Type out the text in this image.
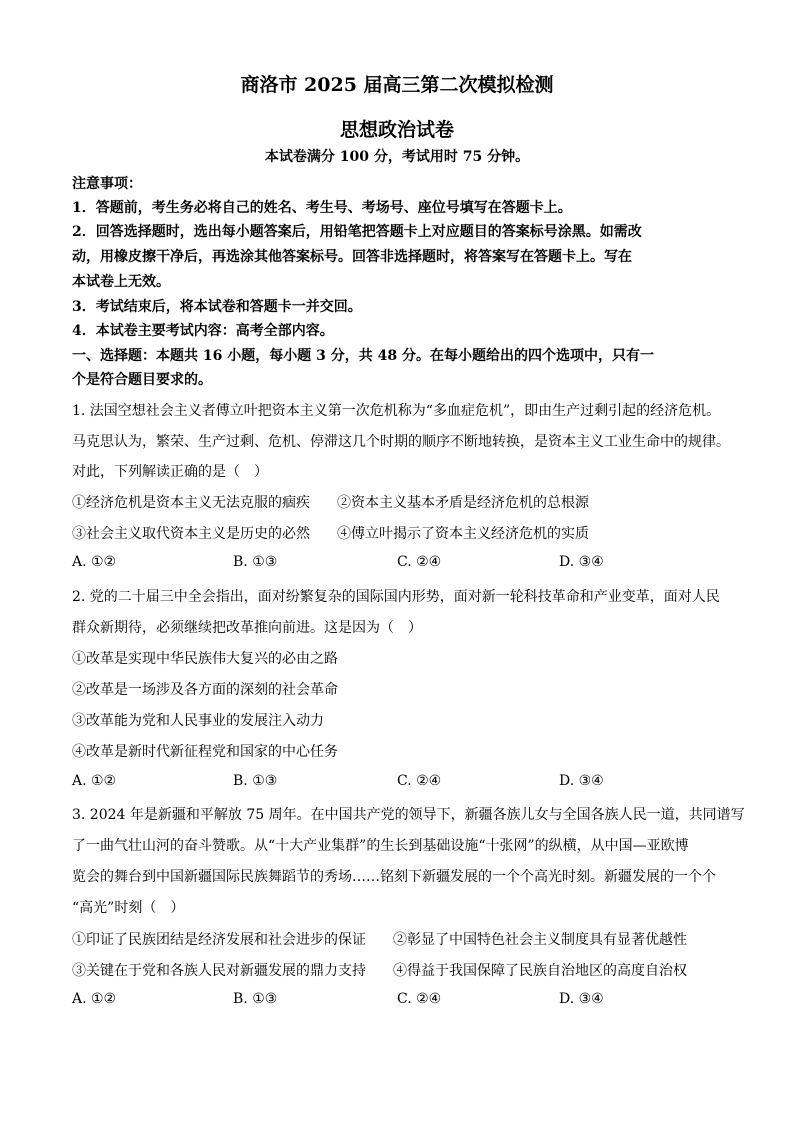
商洛市 2025 届高三第二次模拟检测
思想政治试卷
本试卷满分 100 分，考试用时 75 分钟。
注意事项：
1．答题前，考生务必将自己的姓名、考生号、考场号、座位号填写在答题卡上。
2．回答选择题时，选出每小题答案后，用铅笔把答题卡上对应题目的答案标号涂黑。如需改
动，用橡皮擦干净后，再选涂其他答案标号。回答非选择题时，将答案写在答题卡上。写在
本试卷上无效。
3．考试结束后，将本试卷和答题卡一并交回。
4．本试卷主要考试内容：高考全部内容。
一、选择题：本题共 16 小题，每小题 3 分，共 48 分。在每小题给出的四个选项中，只有一
个是符合题目要求的。
1. 法国空想社会主义者傅立叶把资本主义第一次危机称为“多血症危机”，即由生产过剩引起的经济危机。
马克思认为，繁荣、生产过剩、危机、停滞这几个时期的顺序不断地转换，是资本主义工业生命中的规律。
对此，下列解读正确的是（　）
①经济危机是资本主义无法克服的痼疾 ②资本主义基本矛盾是经济危机的总根源
③社会主义取代资本主义是历史的必然 ④傅立叶揭示了资本主义经济危机的实质
A. ①②	B. ①③	C. ②④	D. ③④
2. 党的二十届三中全会指出，面对纷繁复杂的国际国内形势，面对新一轮科技革命和产业变革，面对人民
群众新期待，必须继续把改革推向前进。这是因为（　）
①改革是实现中华民族伟大复兴的必由之路
②改革是一场涉及各方面的深刻的社会革命
③改革能为党和人民事业的发展注入动力
④改革是新时代新征程党和国家的中心任务
A. ①②	B. ①③	C. ②④	D. ③④
3. 2024 年是新疆和平解放 75 周年。在中国共产党的领导下，新疆各族儿女与全国各族人民一道，共同谱写
了一曲气壮山河的奋斗赞歌。从“十大产业集群”的生长到基础设施“十张网”的纵横，从中国—亚欧博
览会的舞台到中国新疆国际民族舞蹈节的秀场……铭刻下新疆发展的一个个高光时刻。新疆发展的一个个
“高光”时刻（　）
①印证了民族团结是经济发展和社会进步的保证 ②彰显了中国特色社会主义制度具有显著优越性
③关键在于党和各族人民对新疆发展的鼎力支持 ④得益于我国保障了民族自治地区的高度自治权
A. ①②	B. ①③	C. ②④	D. ③④
